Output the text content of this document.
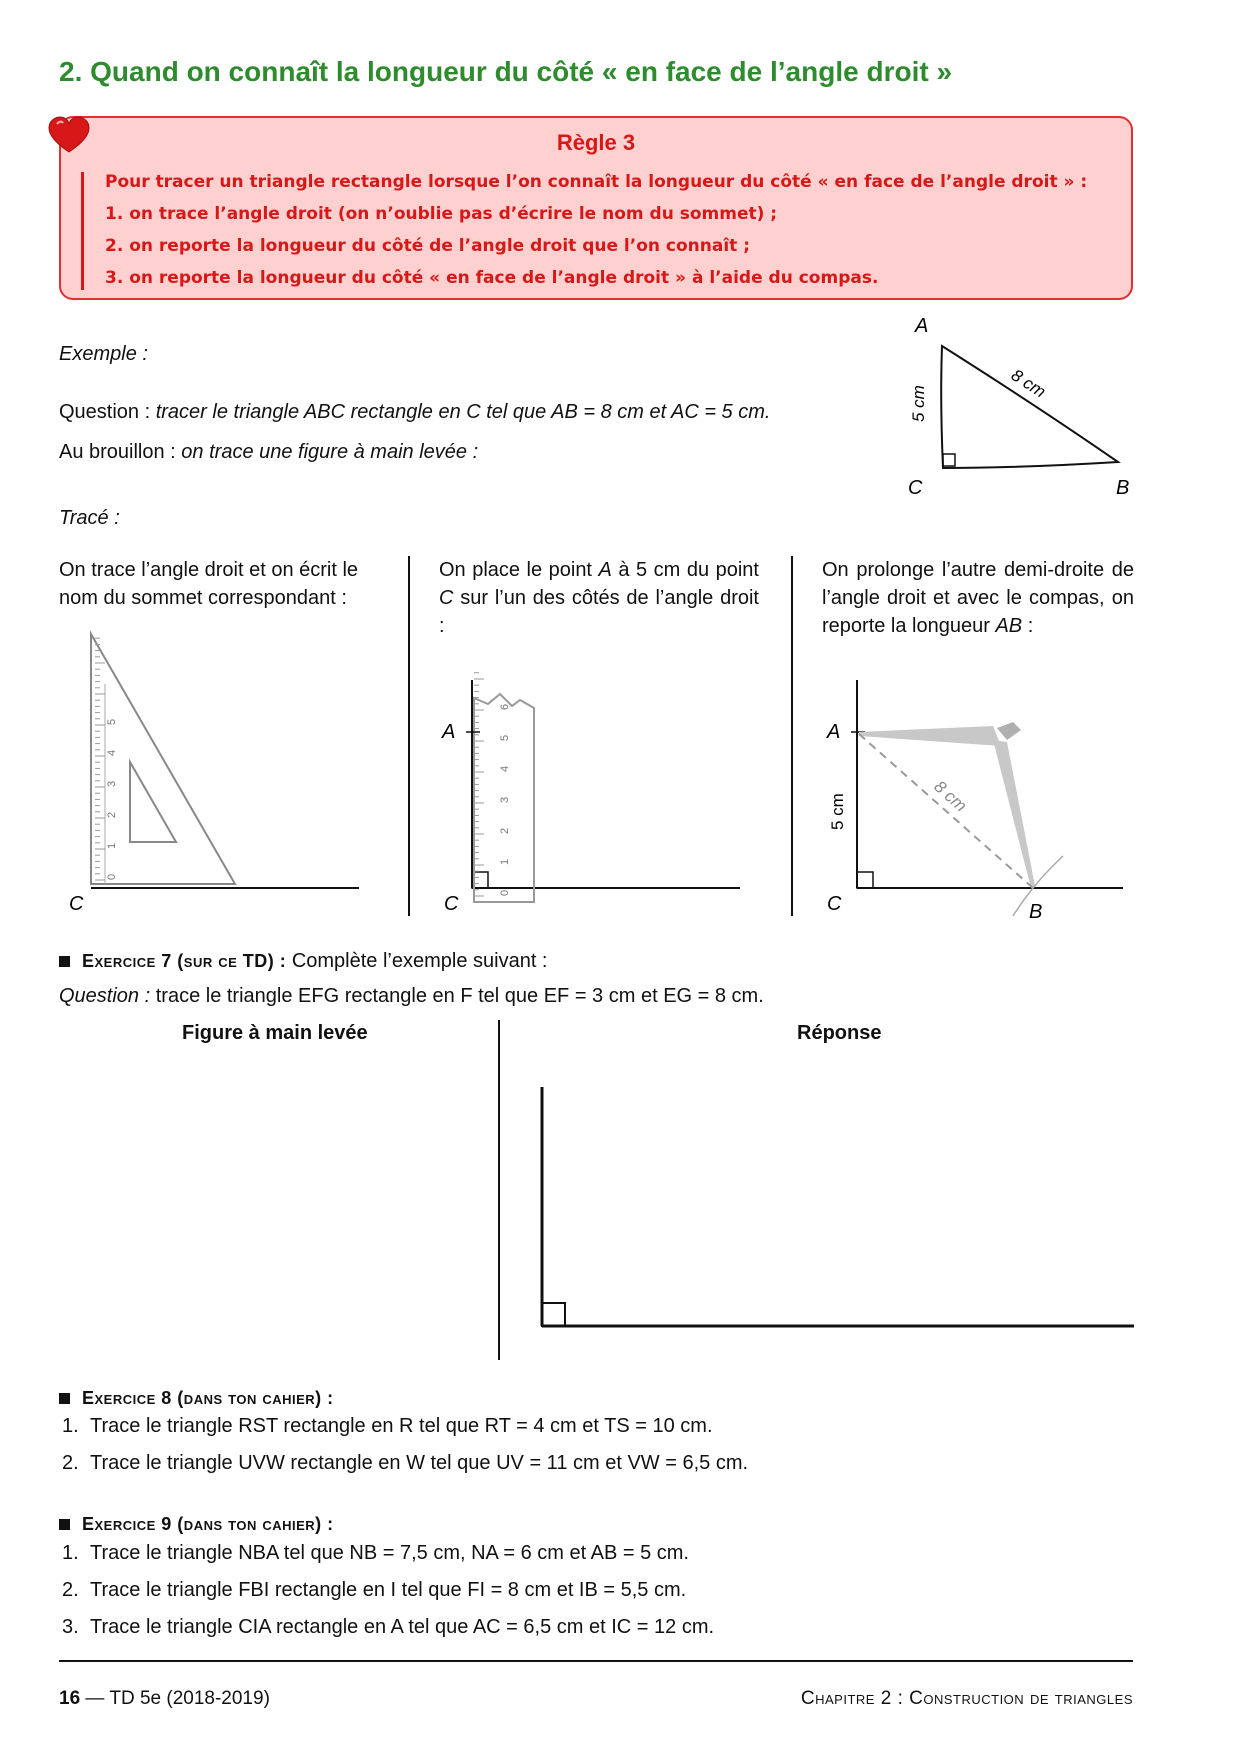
2. Quand on connaît la longueur du côté « en face de l’angle droit »
Règle 3
Pour tracer un triangle rectangle lorsque l’on connaît la longueur du côté « en face de l’angle droit » :
1. on trace l’angle droit (on n’oublie pas d’écrire le nom du sommet) ;
2. on reporte la longueur du côté de l’angle droit que l’on connaît ;
3. on reporte la longueur du côté « en face de l’angle droit » à l’aide du compas.
Exemple :
Question : tracer le triangle ABC rectangle en C tel que AB = 8 cm et AC = 5 cm.
Au brouillon : on trace une figure à main levée :
A
B
C
5 cm
8 cm
Tracé :
On trace l’angle droit et on écrit le nom du sommet correspondant :
0
1
2
3
4
5
C
On place le point A à 5 cm du point C sur l’un des côtés de l’angle droit :
0
1
2
3
4
5
6
A
C
On prolonge l’autre demi-droite de l’angle droit et avec le compas, on reporte la longueur AB :
A
C	B
5 cm	8 cm
Exercice 7 (sur ce TD) : Complète l’exemple suivant :
Question : trace le triangle EFG rectangle en F tel que EF = 3 cm et EG = 8 cm.
Figure à main levée	Réponse
Exercice 8 (dans ton cahier) :
1. Trace le triangle RST rectangle en R tel que RT = 4 cm et TS = 10 cm.
2. Trace le triangle UVW rectangle en W tel que UV = 11 cm et VW = 6,5 cm.
Exercice 9 (dans ton cahier) :
1. Trace le triangle NBA tel que NB = 7,5 cm, NA = 6 cm et AB = 5 cm.
2. Trace le triangle FBI rectangle en I tel que FI = 8 cm et IB = 5,5 cm.
3. Trace le triangle CIA rectangle en A tel que AC = 6,5 cm et IC = 12 cm.
16 — TD 5e (2018-2019)	Chapitre 2 : Construction de triangles
